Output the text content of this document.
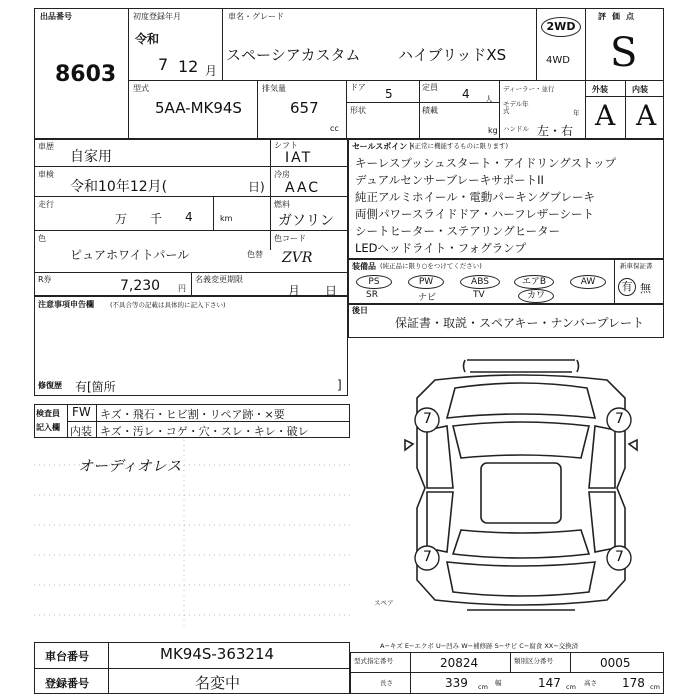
出品番号
8603
初度登録年月
令和
7 12 月
車名・グレード
スペーシアカスタム ハイブリッドXS
2WD
4WD
評価点
S
外装	内装
A A
型式
5AA-MK94S
排気量
657
cc
ドア 5	定員 4 人
形状	積載
kg
ディーラー・並行
モデル年式	年
ハンドル 左・右
車歴
自家用
車検
令和10年12月(	日)
走行
万 千 4	km
色
ピュアホワイトパール	色替
シフト
IAT
冷房
AAC
燃料
ガソリン
色コード
ZVR
R券	7,230 円
名義変更期限
月 日
注意事項申告欄 (不具合等の記載は具体的に記入下さい)
修復歴 有[箇所	]
セールスポイント
(正常に機能するものに限ります)
キーレスプッシュスタート・アイドリングストップ
デュアルセンサーブレーキサポートII
純正アルミホイール・電動パーキングブレーキ
両側パワースライドドア・ハーフレザーシート
シートヒーター・ステアリングヒーター
LEDヘッドライト・フォグランプ
装備品 (純正品に限り○をつけてください)
PS	PW	ABS	エアB	AW
SR	ナビ	TV	カワ
新車保証書
有 無
後日
保証書・取説・スペアキー・ナンバープレート
検査員
記入欄
FW キズ・飛石・ヒビ割・リペア跡・×要
内装 キズ・汚レ・コゲ・穴・スレ・キレ・破レ
オーディオレス
7	7
7	7
スペア
A−キズ E−エクボ U−凹み W−補修跡 S−サビ C−腐食 XX−交換済
車台番号	MK94S-363214
登録番号	名変中
型式指定番号	20824	類別区分番号	0005
長さ	339 cm 幅	147 cm 高さ 178 cm
